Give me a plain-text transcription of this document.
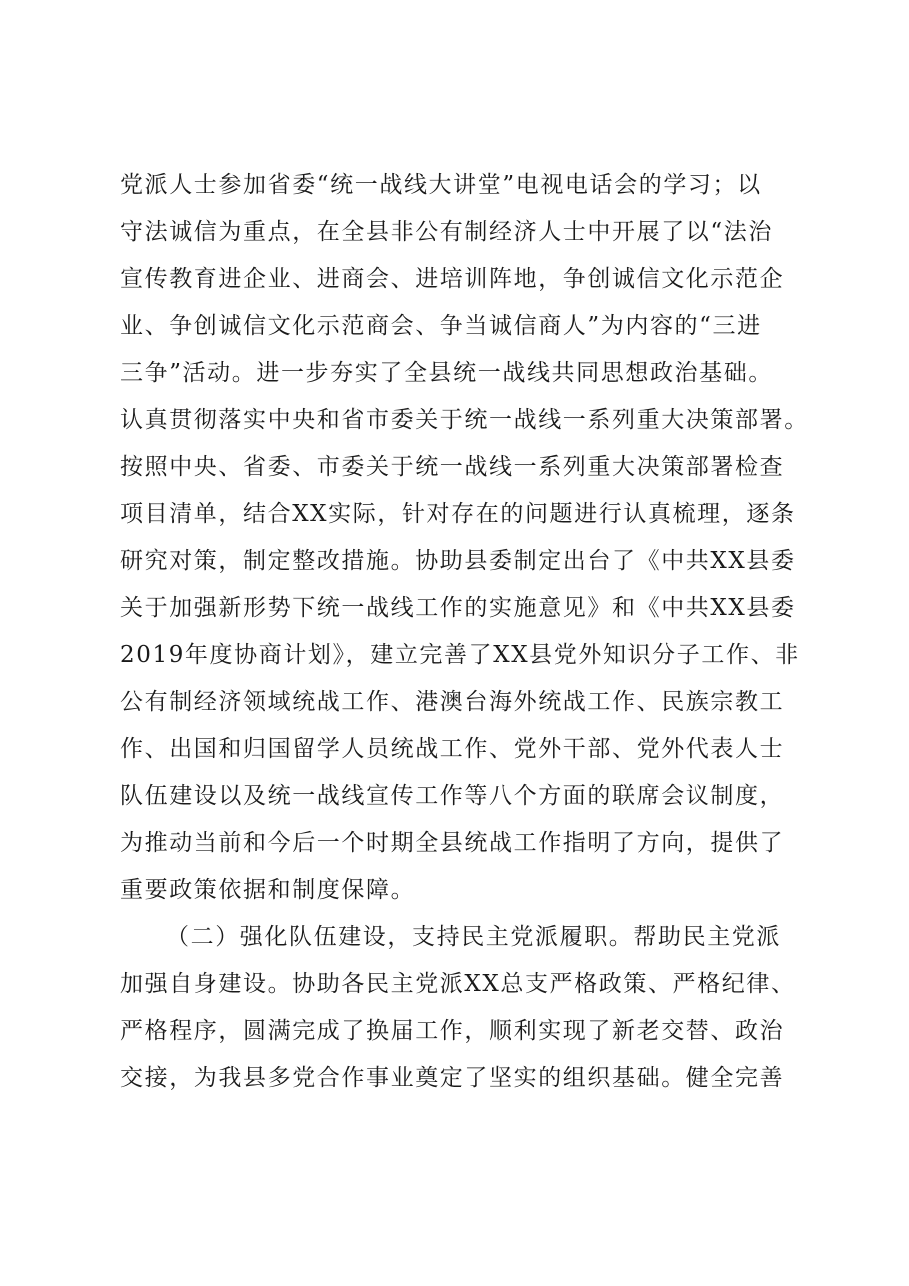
党派人士参加省委“统一战线大讲堂”电视电话会的学习；以
守法诚信为重点，在全县非公有制经济人士中开展了以“法治
宣传教育进企业、进商会、进培训阵地，争创诚信文化示范企
业、争创诚信文化示范商会、争当诚信商人”为内容的“三进
三争”活动。进一步夯实了全县统一战线共同思想政治基础。
认真贯彻落实中央和省市委关于统一战线一系列重大决策部署。
按照中央、省委、市委关于统一战线一系列重大决策部署检查
项目清单，结合XX实际，针对存在的问题进行认真梳理，逐条
研究对策，制定整改措施。协助县委制定出台了《中共XX县委
关于加强新形势下统一战线工作的实施意见》和《中共XX县委
2019年度协商计划》，建立完善了XX县党外知识分子工作、非
公有制经济领域统战工作、港澳台海外统战工作、民族宗教工
作、出国和归国留学人员统战工作、党外干部、党外代表人士
队伍建设以及统一战线宣传工作等八个方面的联席会议制度，
为推动当前和今后一个时期全县统战工作指明了方向，提供了
重要政策依据和制度保障。
（二）强化队伍建设，支持民主党派履职。帮助民主党派
加强自身建设。协助各民主党派XX总支严格政策、严格纪律、
严格程序，圆满完成了换届工作，顺利实现了新老交替、政治
交接，为我县多党合作事业奠定了坚实的组织基础。健全完善
